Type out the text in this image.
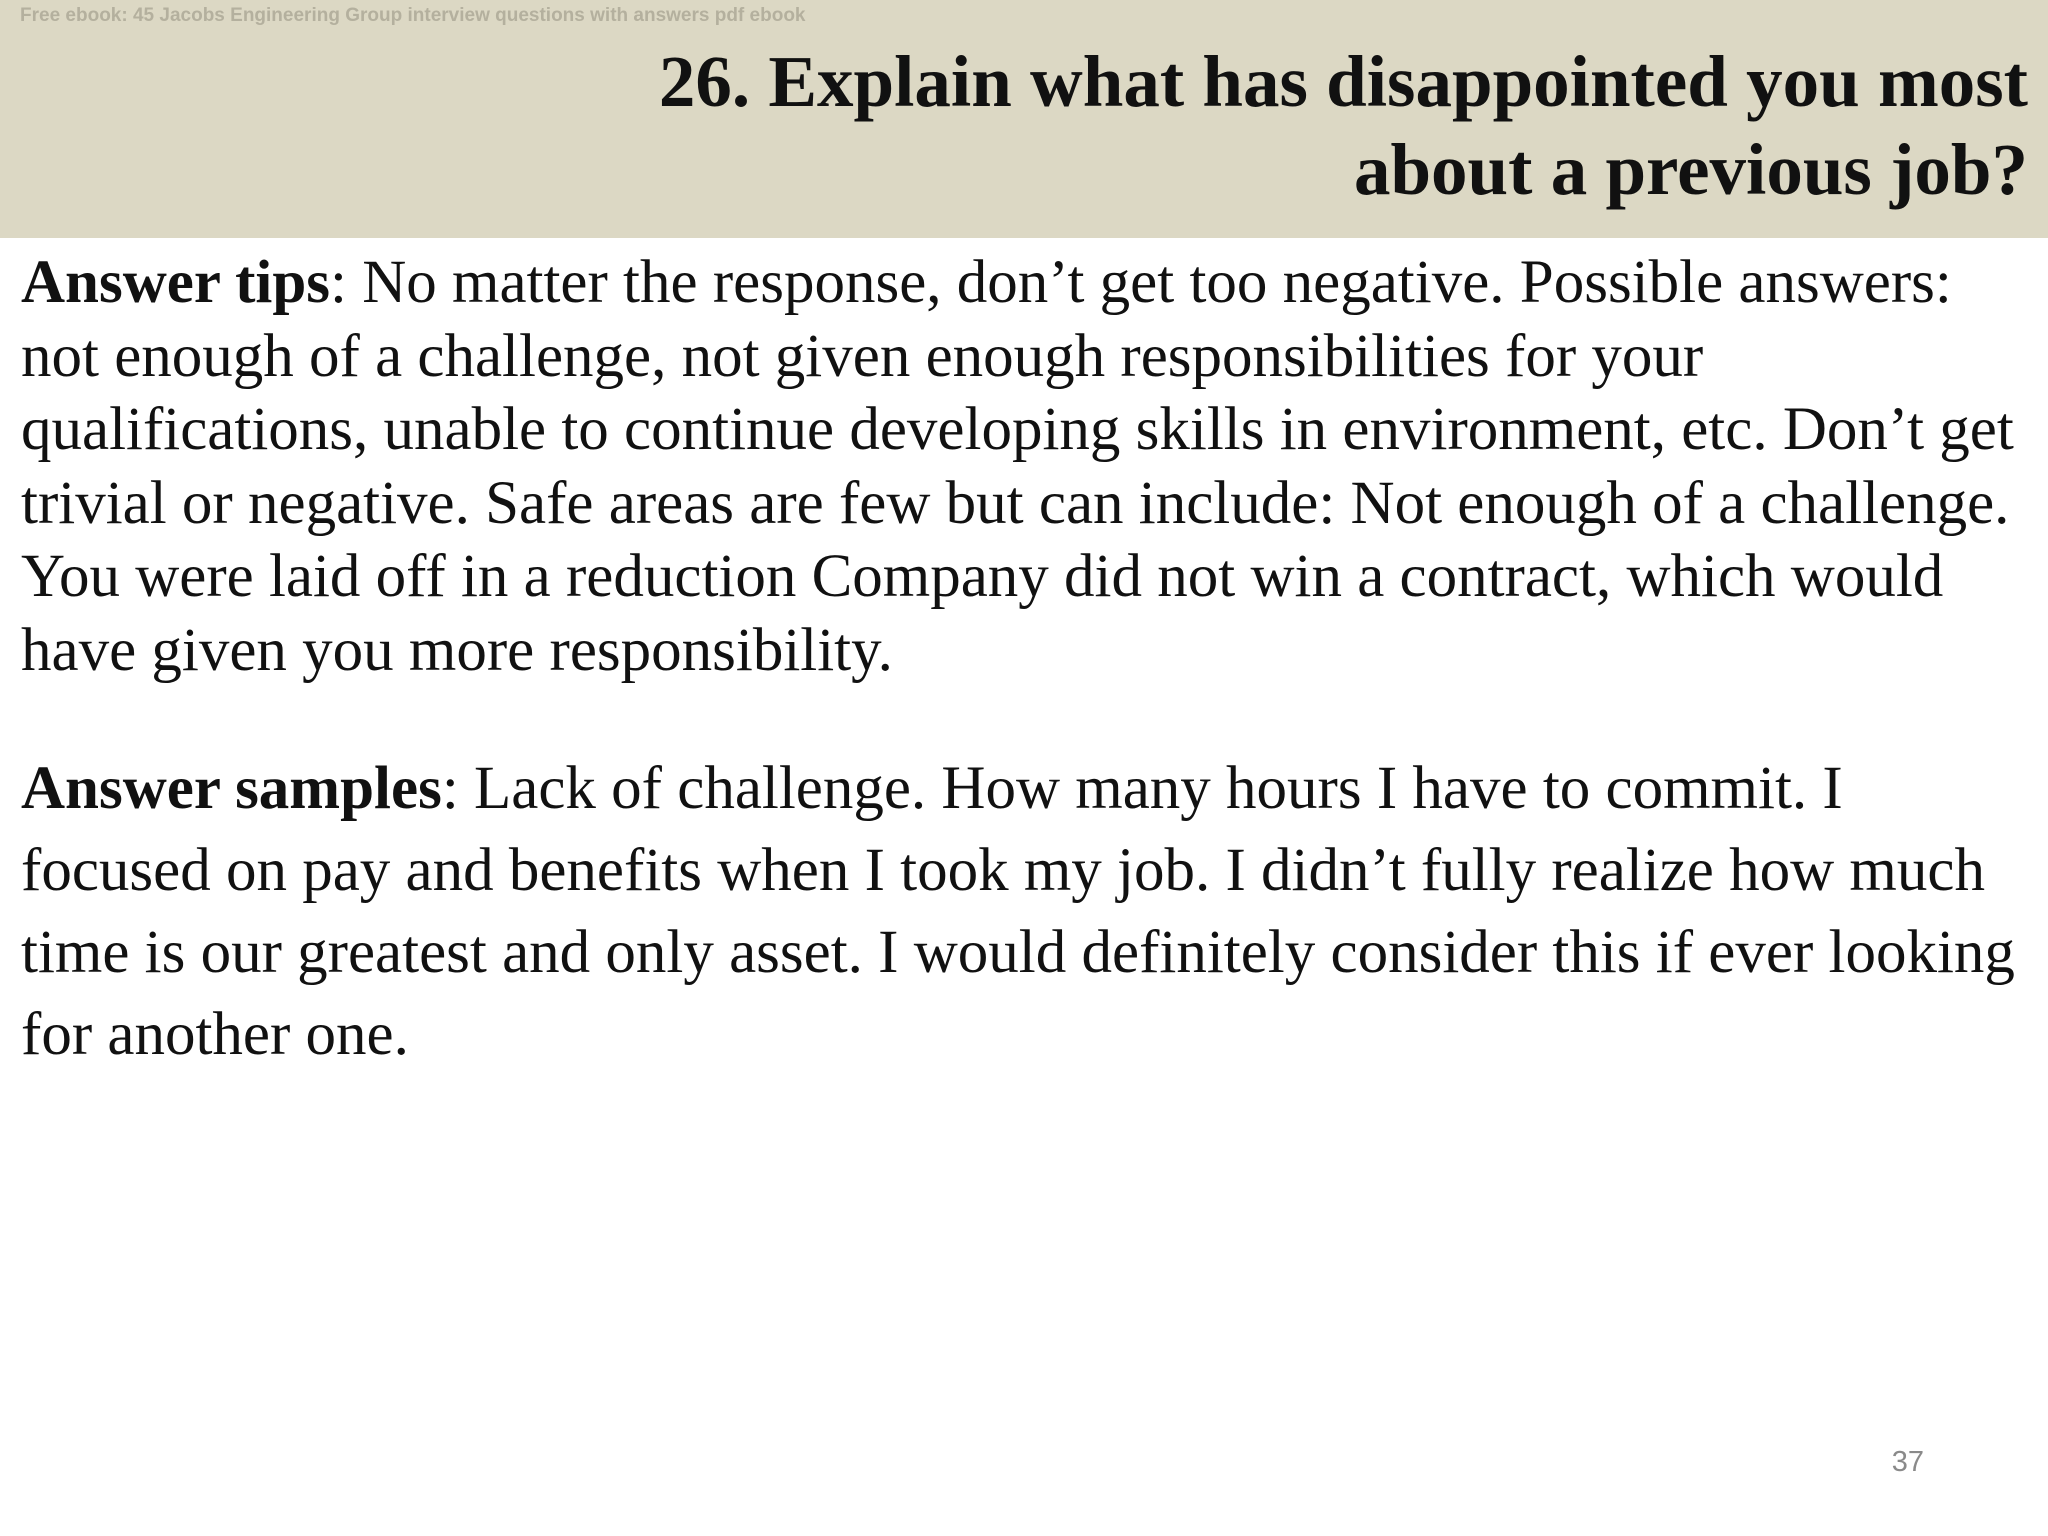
Free ebook: 45 Jacobs Engineering Group interview questions with answers pdf ebook
26. Explain what has disappointed you most about a previous job?

Answer tips: No matter the response, don’t get too negative. Possible answers: not enough of a challenge, not given enough responsibilities for your qualifications, unable to continue developing skills in environment, etc. Don’t get trivial or negative. Safe areas are few but can include: Not enough of a challenge. You were laid off in a reduction Company did not win a contract, which would have given you more responsibility.

Answer samples: Lack of challenge. How many hours I have to commit. I focused on pay and benefits when I took my job. I didn’t fully realize how much time is our greatest and only asset. I would definitely consider this if ever looking for another one.

37
